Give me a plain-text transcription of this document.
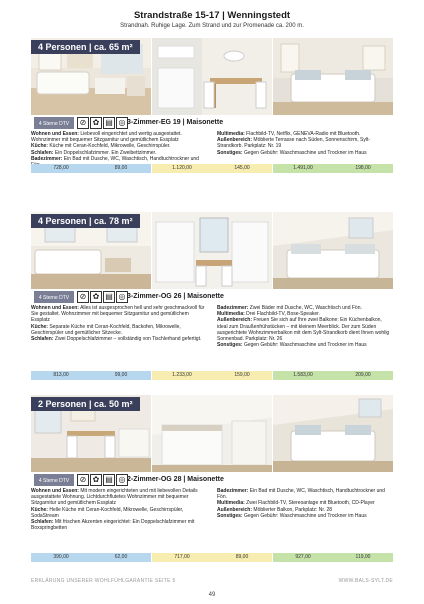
Strandstraße 15-17 | Wenningstedt
Strandnah. Ruhige Lage. Zum Strand und zur Promenade ca. 200 m.
4 Personen | ca. 65 m²
4 Sterne DTV	⊘ ✿ ▤ ◎ 3-Zimmer-EG 19 | Maisonette
Wohnen und Essen: Liebevoll eingerichtet und wertig ausgestattet. Wohnzimmer mit bequemer Sitzgarnitur und gemütlichem Essplatz
Küche: Küche mit Ceran-Kochfeld, Mikrowelle, Geschirrspüler.
Schlafen: Ein Doppelschlafzimmer. Ein Zweibettzimmer.
Badezimmer: Ein Bad mit Dusche, WC, Waschtisch, Handtuchtrockner und
Multimedia: Flachbild-TV, Netflix, GENEVA-Radio mit Bluetooth.
Außenbereich: Möblierte Terrasse nach Süden, Sonnenschirm, Sylt-Strandkorb. Parkplatz: Nr. 19
Sonstiges: Gegen Gebühr: Waschmaschine und Trockner im Haus
728,00	89,00	1.120,00	145,00	1.491,00	198,00
4 Personen | ca. 78 m²
4 Sterne DTV	⊘ ✿ ▤ ◎ 3-Zimmer-OG 26 | Maisonette
Wohnen und Essen: Alles ist ausgesprochen hell und sehr geschmackvoll für Sie gestaltet. Wohnzimmer mit bequemer Sitzgarnitur und gemütlichem Essplatz
Küche: Separate Küche mit Ceran-Kochfeld, Backofen, Mikrowelle, Geschirrspüler und gemütlicher Sitzecke.
Schlafen: Zwei Doppelschlafzimmer – vollständig von Tischlerhand gefertigt.
Badezimmer: Zwei Bäder mit Dusche, WC, Waschtisch und Fön.
Multimedia: Drei Flachbild-TV, Bose-Speaker.
Außenbereich: Freuen Sie sich auf Ihre zwei Balkone: Ein Küchenbalkon, ideal zum Draußenfrühstücken – mit kleinem Meerblick. Der zum Süden ausgerichtete Wohnzimmerbalkon mit dem Sylt-Strandkorb dient Ihnen wohlig Sonnenbad. Parkplatz: Nr. 26
Sonstiges: Gegen Gebühr: Waschmaschine und Trockner im Haus
813,00	99,00	1.233,00	159,00	1.583,00	209,00
2 Personen | ca. 50 m²
4 Sterne DTV	⊘ ✿ ▤ ◎ 2-Zimmer-OG 28 | Maisonette
Wohnen und Essen: Mit modern eingerichteten und mit liebevollen Details ausgestattete Wohnung. Lichtdurchflutetes Wohnzimmer mit bequemer Sitzgarnitur und gemütlichem Essplatz
Küche: Helle Küche mit Ceran-Kochfeld, Mikrowelle, Geschirrspüler, SodaStream
Schlafen: Mit frischen Akzenten eingerichtet: Ein Doppelschlafzimmer mit Boxspringbetten
Badezimmer: Ein Bad mit Dusche, WC, Waschtisch, Handtuchtrockner und Fön.
Multimedia: Zwei Flachbild-TV, Stereoanlage mit Bluetooth, CD-Player
Außenbereich: Möblierter Balkon, Parkplatz: Nr. 28
Sonstiges: Gegen Gebühr: Waschmaschine und Trockner im Haus
390,00	62,00	717,00	89,00	927,00	119,00
ERKLÄRUNG UNSERER WOHLFÜHLGARANTIE SEITE 5	WWW.BALS-SYLT.DE
49
